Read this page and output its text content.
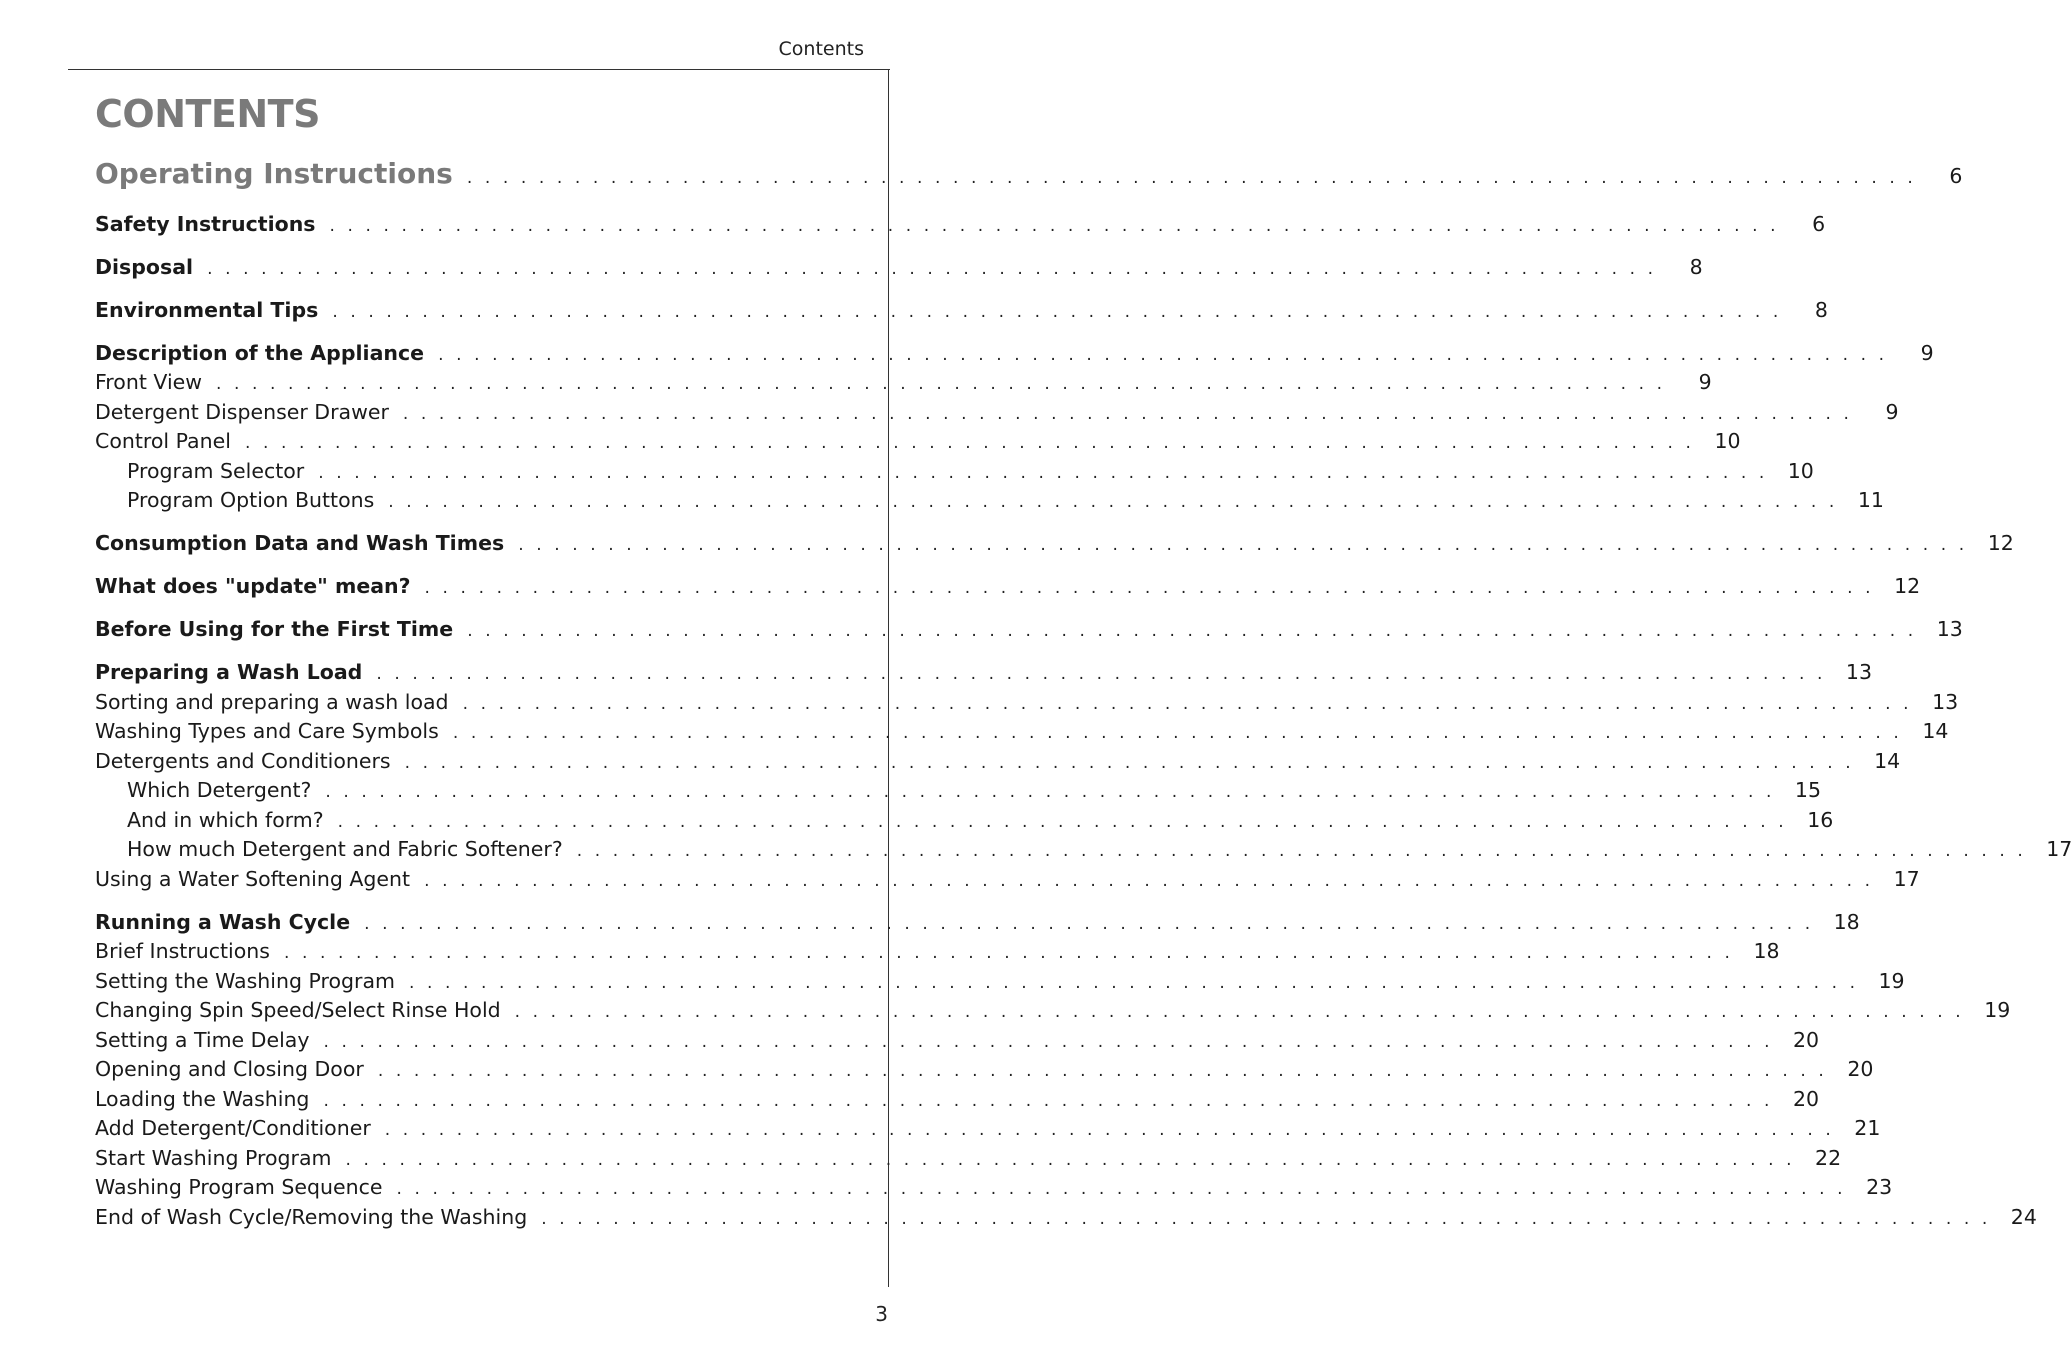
Contents
CONTENTS
Operating Instructions . . . . . . . . . . . . . . . . . . . . . . . . . . . . . . . . . . . . . . . . . . . . . . . . . . . . . . . . . . . . . . . . . . . . . . . . . . . . . . . . .	6
Safety Instructions . . . . . . . . . . . . . . . . . . . . . . . . . . . . . . . . . . . . . . . . . . . . . . . . . . . . . . . . . . . . . . . . . . . . . . . . . . . . . . . . .	6
Disposal . . . . . . . . . . . . . . . . . . . . . . . . . . . . . . . . . . . . . . . . . . . . . . . . . . . . . . . . . . . . . . . . . . . . . . . . . . . . . . . . .	8
Environmental Tips . . . . . . . . . . . . . . . . . . . . . . . . . . . . . . . . . . . . . . . . . . . . . . . . . . . . . . . . . . . . . . . . . . . . . . . . . . . . . . . . .	8
Description of the Appliance . . . . . . . . . . . . . . . . . . . . . . . . . . . . . . . . . . . . . . . . . . . . . . . . . . . . . . . . . . . . . . . . . . . . . . . . . . . . . . . . .	9
Front View . . . . . . . . . . . . . . . . . . . . . . . . . . . . . . . . . . . . . . . . . . . . . . . . . . . . . . . . . . . . . . . . . . . . . . . . . . . . . . . . .	9
Detergent Dispenser Drawer . . . . . . . . . . . . . . . . . . . . . . . . . . . . . . . . . . . . . . . . . . . . . . . . . . . . . . . . . . . . . . . . . . . . . . . . . . . . . . . . .	9
Control Panel . . . . . . . . . . . . . . . . . . . . . . . . . . . . . . . . . . . . . . . . . . . . . . . . . . . . . . . . . . . . . . . . . . . . . . . . . . . . . . . . . 10
Program Selector . . . . . . . . . . . . . . . . . . . . . . . . . . . . . . . . . . . . . . . . . . . . . . . . . . . . . . . . . . . . . . . . . . . . . . . . . . . . . . . . . 10
Program Option Buttons . . . . . . . . . . . . . . . . . . . . . . . . . . . . . . . . . . . . . . . . . . . . . . . . . . . . . . . . . . . . . . . . . . . . . . . . . . . . . . . . . 11
Consumption Data and Wash Times . . . . . . . . . . . . . . . . . . . . . . . . . . . . . . . . . . . . . . . . . . . . . . . . . . . . . . . . . . . . . . . . . . . . . . . . . . . . . . . . . 12
What does "update" mean? . . . . . . . . . . . . . . . . . . . . . . . . . . . . . . . . . . . . . . . . . . . . . . . . . . . . . . . . . . . . . . . . . . . . . . . . . . . . . . . . . 12
Before Using for the First Time . . . . . . . . . . . . . . . . . . . . . . . . . . . . . . . . . . . . . . . . . . . . . . . . . . . . . . . . . . . . . . . . . . . . . . . . . . . . . . . . . 13
Preparing a Wash Load . . . . . . . . . . . . . . . . . . . . . . . . . . . . . . . . . . . . . . . . . . . . . . . . . . . . . . . . . . . . . . . . . . . . . . . . . . . . . . . . . 13
Sorting and preparing a wash load . . . . . . . . . . . . . . . . . . . . . . . . . . . . . . . . . . . . . . . . . . . . . . . . . . . . . . . . . . . . . . . . . . . . . . . . . . . . . . . . . 13
Washing Types and Care Symbols . . . . . . . . . . . . . . . . . . . . . . . . . . . . . . . . . . . . . . . . . . . . . . . . . . . . . . . . . . . . . . . . . . . . . . . . . . . . . . . . . 14
Detergents and Conditioners . . . . . . . . . . . . . . . . . . . . . . . . . . . . . . . . . . . . . . . . . . . . . . . . . . . . . . . . . . . . . . . . . . . . . . . . . . . . . . . . . 14
Which Detergent? . . . . . . . . . . . . . . . . . . . . . . . . . . . . . . . . . . . . . . . . . . . . . . . . . . . . . . . . . . . . . . . . . . . . . . . . . . . . . . . . . 15
And in which form? . . . . . . . . . . . . . . . . . . . . . . . . . . . . . . . . . . . . . . . . . . . . . . . . . . . . . . . . . . . . . . . . . . . . . . . . . . . . . . . . . 16
How much Detergent and Fabric Softener? . . . . . . . . . . . . . . . . . . . . . . . . . . . . . . . . . . . . . . . . . . . . . . . . . . . . . . . . . . . . . . . . . . . . . . . . . . . . . . . . . 17
Using a Water Softening Agent . . . . . . . . . . . . . . . . . . . . . . . . . . . . . . . . . . . . . . . . . . . . . . . . . . . . . . . . . . . . . . . . . . . . . . . . . . . . . . . . . 17
Running a Wash Cycle . . . . . . . . . . . . . . . . . . . . . . . . . . . . . . . . . . . . . . . . . . . . . . . . . . . . . . . . . . . . . . . . . . . . . . . . . . . . . . . . . 18
Brief Instructions . . . . . . . . . . . . . . . . . . . . . . . . . . . . . . . . . . . . . . . . . . . . . . . . . . . . . . . . . . . . . . . . . . . . . . . . . . . . . . . . . 18
Setting the Washing Program . . . . . . . . . . . . . . . . . . . . . . . . . . . . . . . . . . . . . . . . . . . . . . . . . . . . . . . . . . . . . . . . . . . . . . . . . . . . . . . . . 19
Changing Spin Speed/Select Rinse Hold . . . . . . . . . . . . . . . . . . . . . . . . . . . . . . . . . . . . . . . . . . . . . . . . . . . . . . . . . . . . . . . . . . . . . . . . . . . . . . . . . 19
Setting a Time Delay . . . . . . . . . . . . . . . . . . . . . . . . . . . . . . . . . . . . . . . . . . . . . . . . . . . . . . . . . . . . . . . . . . . . . . . . . . . . . . . . . 20
Opening and Closing Door . . . . . . . . . . . . . . . . . . . . . . . . . . . . . . . . . . . . . . . . . . . . . . . . . . . . . . . . . . . . . . . . . . . . . . . . . . . . . . . . . 20
Loading the Washing . . . . . . . . . . . . . . . . . . . . . . . . . . . . . . . . . . . . . . . . . . . . . . . . . . . . . . . . . . . . . . . . . . . . . . . . . . . . . . . . . 20
Add Detergent/Conditioner . . . . . . . . . . . . . . . . . . . . . . . . . . . . . . . . . . . . . . . . . . . . . . . . . . . . . . . . . . . . . . . . . . . . . . . . . . . . . . . . . 21
Start Washing Program . . . . . . . . . . . . . . . . . . . . . . . . . . . . . . . . . . . . . . . . . . . . . . . . . . . . . . . . . . . . . . . . . . . . . . . . . . . . . . . . . 22
Washing Program Sequence . . . . . . . . . . . . . . . . . . . . . . . . . . . . . . . . . . . . . . . . . . . . . . . . . . . . . . . . . . . . . . . . . . . . . . . . . . . . . . . . . 23
End of Wash Cycle/Removing the Washing . . . . . . . . . . . . . . . . . . . . . . . . . . . . . . . . . . . . . . . . . . . . . . . . . . . . . . . . . . . . . . . . . . . . . . . . . . . . . . . . . 24
3
